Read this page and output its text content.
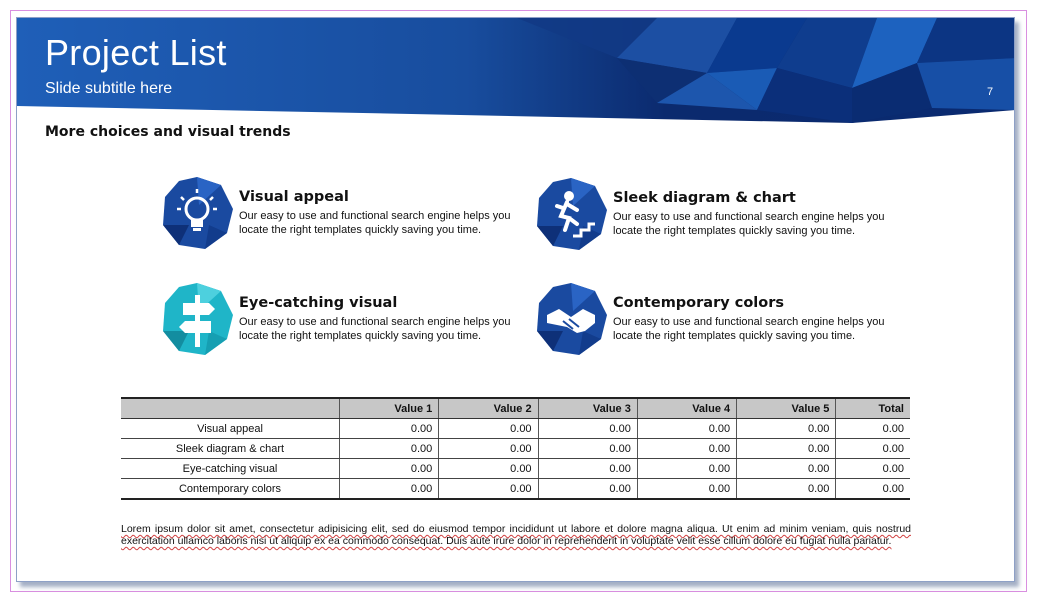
Project List
Slide subtitle here	7
More choices and visual trends
Visual appeal
Our easy to use and functional search engine helps you locate the right templates quickly saving you time.
Sleek diagram & chart
Our easy to use and functional search engine helps you locate the right templates quickly saving you time.
Eye-catching visual
Our easy to use and functional search engine helps you locate the right templates quickly saving you time.
Contemporary colors
Our easy to use and functional search engine helps you locate the right templates quickly saving you time.
	Value 1	Value 2	Value 3	Value 4	Value 5	Total
Visual appeal	0.00	0.00	0.00	0.00	0.00	0.00
Sleek diagram & chart	0.00	0.00	0.00	0.00	0.00	0.00
Eye-catching visual	0.00	0.00	0.00	0.00	0.00	0.00
Contemporary colors	0.00	0.00	0.00	0.00	0.00	0.00
Lorem ipsum dolor sit amet, consectetur adipisicing elit, sed do eiusmod tempor incididunt ut labore et dolore magna aliqua. Ut enim ad minim veniam, quis nostrud exercitation ullamco laboris nisi ut aliquip ex ea commodo consequat. Duis aute irure dolor in reprehenderit in voluptate velit esse cillum dolore eu fugiat nulla pariatur.
